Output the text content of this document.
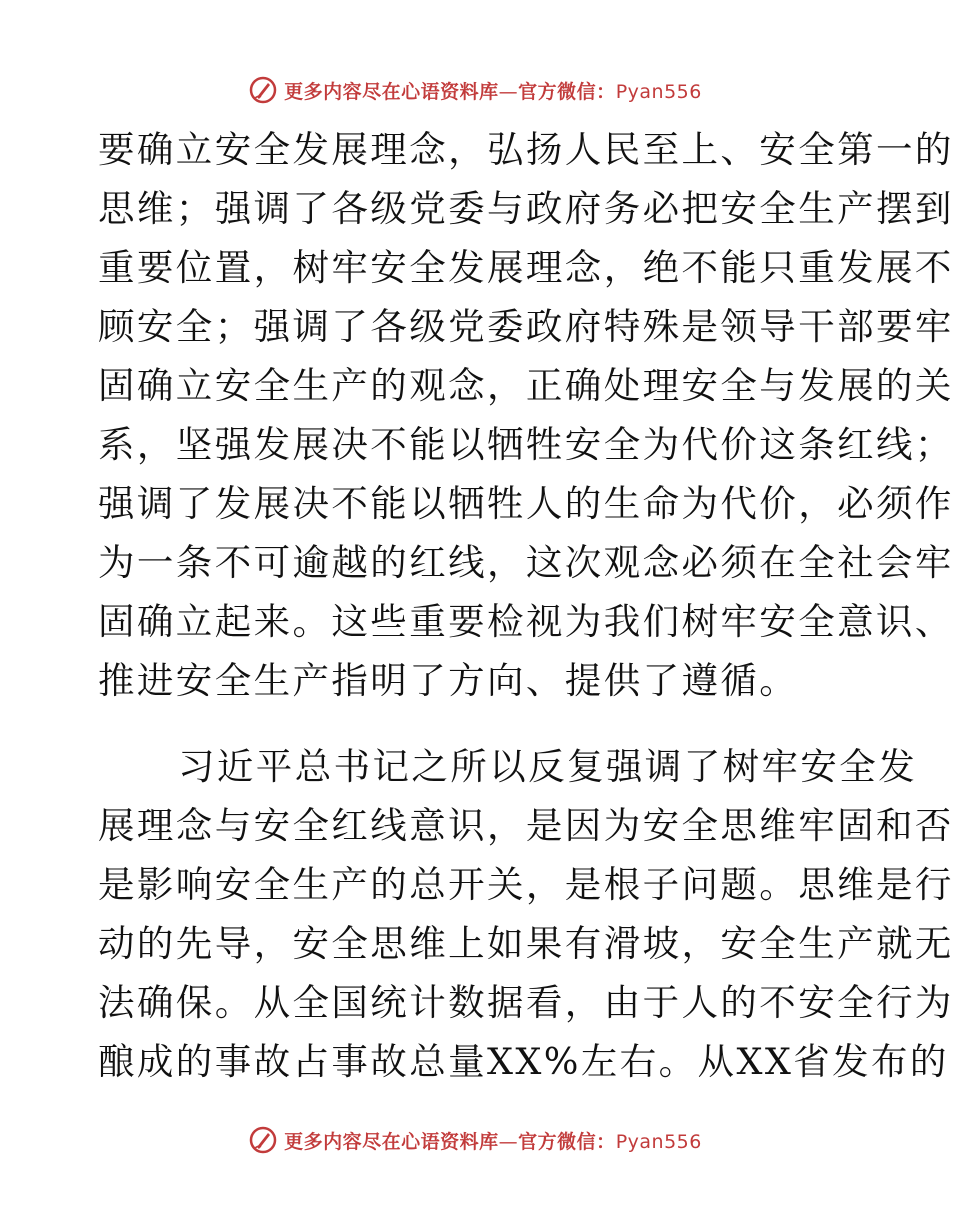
更多内容尽在心语资料库—官方微信：Pyan556
要确立安全发展理念，弘扬人民至上、安全第一的
思维；强调了各级党委与政府务必把安全生产摆到
重要位置，树牢安全发展理念，绝不能只重发展不
顾安全；强调了各级党委政府特殊是领导干部要牢
固确立安全生产的观念，正确处理安全与发展的关
系，坚强发展决不能以牺牲安全为代价这条红线；
强调了发展决不能以牺牲人的生命为代价，必须作
为一条不可逾越的红线，这次观念必须在全社会牢
固确立起来。这些重要检视为我们树牢安全意识、
推进安全生产指明了方向、提供了遵循。
习近平总书记之所以反复强调了树牢安全发
展理念与安全红线意识，是因为安全思维牢固和否
是影响安全生产的总开关，是根子问题。思维是行
动的先导，安全思维上如果有滑坡，安全生产就无
法确保。从全国统计数据看，由于人的不安全行为
酿成的事故占事故总量XX%左右。从XX省发布的
更多内容尽在心语资料库—官方微信：Pyan556
